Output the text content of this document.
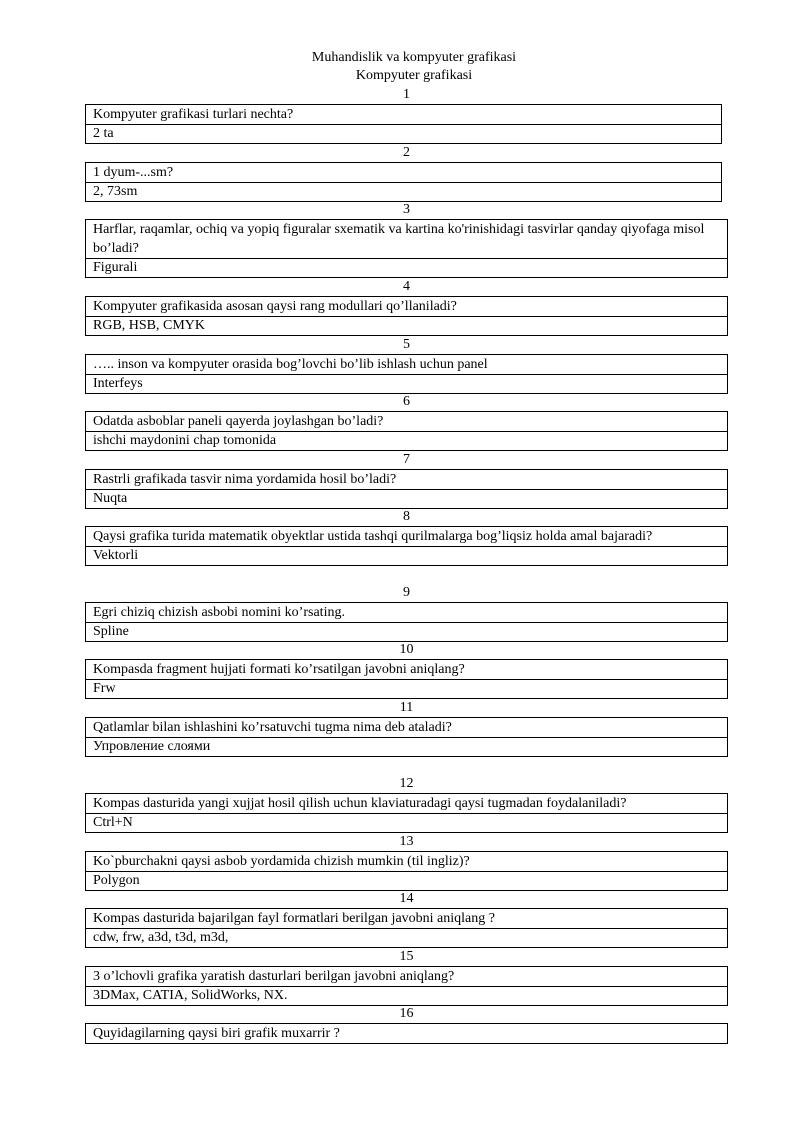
Muhandislik va kompyuter grafikasi
Kompyuter grafikasi
1
Kompyuter grafikasi turlari nechta?
2 ta
2
1 dyum-...sm?
2, 73sm
3
Harflar, raqamlar, ochiq va yopiq figuralar sxematik va kartina ko'rinishidagi tasvirlar qanday qiyofaga misol bo’ladi?
Figurali
4
Kompyuter grafikasida asosan qaysi rang modullari qo’llaniladi?
RGB, HSB, CMYK
5
….. inson va kompyuter orasida bog’lovchi bo’lib ishlash uchun panel
Interfeys
6
Odatda asboblar paneli qayerda joylashgan bo’ladi?
ishchi maydonini chap tomonida
7
Rastrli grafikada tasvir nima yordamida hosil bo’ladi?
Nuqta
8
Qaysi grafika turida matematik obyektlar ustida tashqi qurilmalarga bog’liqsiz holda amal bajaradi?
Vektorli
9
Egri chiziq chizish asbobi nomini ko’rsating.
Spline
10
Kompasda fragment hujjati formati ko’rsatilgan javobni aniqlang?
Frw
11
Qatlamlar bilan ishlashini ko’rsatuvchi tugma nima deb ataladi?
Упровление слоями
12
Kompas dasturida yangi xujjat hosil qilish uchun klaviaturadagi qaysi tugmadan foydalaniladi?
Ctrl+N
13
Ko`pburchakni qaysi asbob yordamida chizish mumkin (til ingliz)?
Polygon
14
Kompas dasturida bajarilgan fayl formatlari berilgan javobni aniqlang ?
cdw, frw, a3d, t3d, m3d,
15
3 o’lchovli grafika yaratish dasturlari berilgan javobni aniqlang?
3DMax, CATIA, SolidWorks, NX.
16
Quyidagilarning qaysi biri grafik muxarrir ?
